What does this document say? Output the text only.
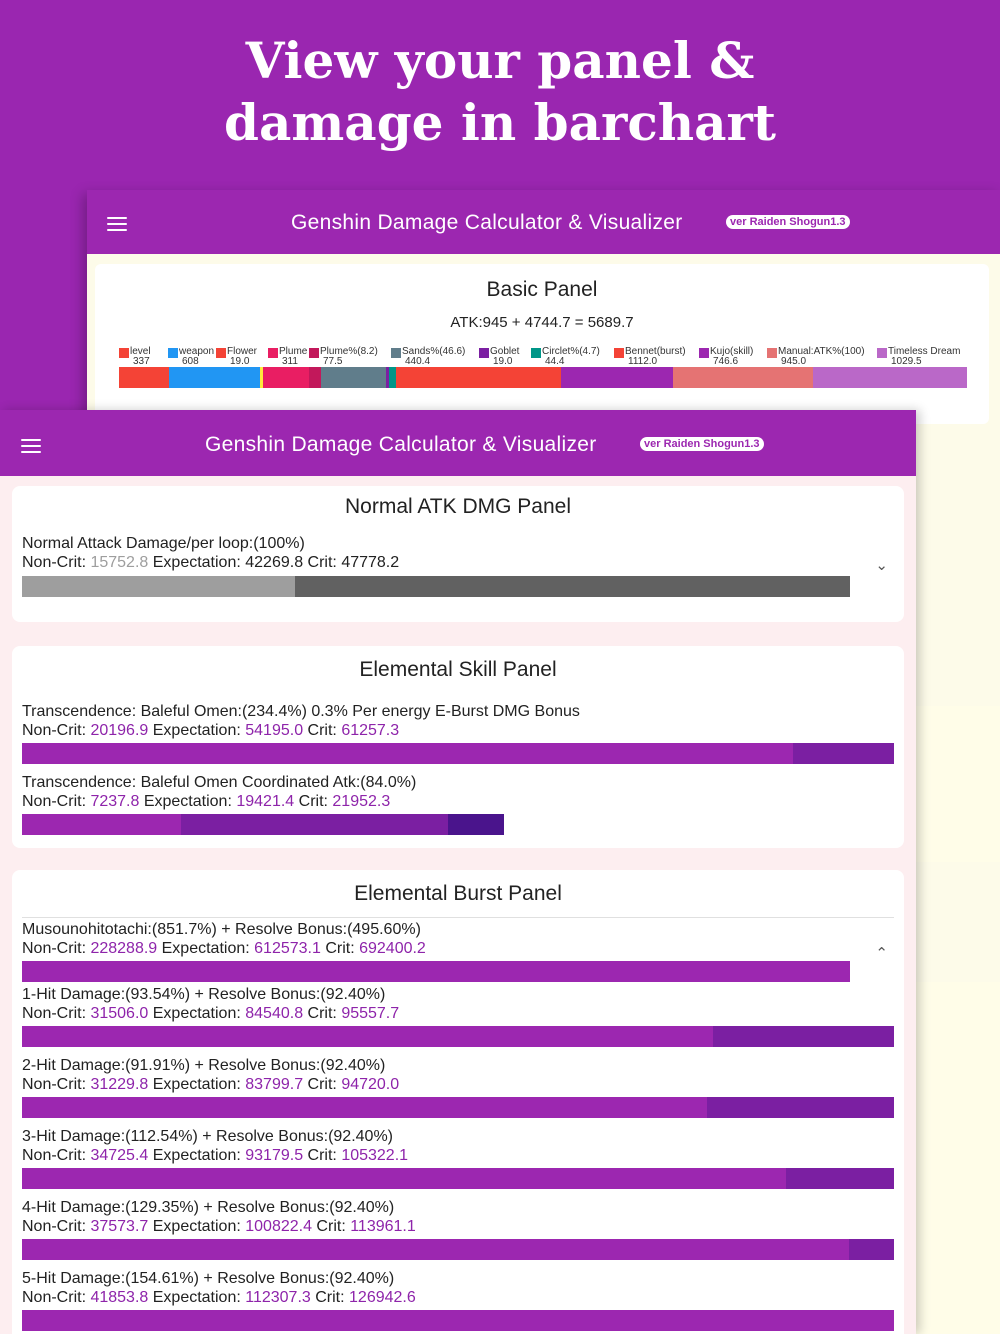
View your panel &
damage in barchart
Genshin Damage Calculator & Visualizer	ver Raiden Shogun1.3
Basic Panel
ATK:945 + 4744.7 = 5689.7
level
337
weapon
608
Flower
19.0
Plume
311
Plume%(8.2)
77.5
Sands%(46.6)
440.4
Goblet
19.0
Circlet%(4.7)
44.4
Bennet(burst)
1112.0
Kujo(skill)
746.6
Manual:ATK%(100)
945.0
Timeless Dream
1029.5
Genshin Damage Calculator & Visualizer	ver Raiden Shogun1.3
Normal ATK DMG Panel
Normal Attack Damage/per loop:(100%)
Non-Crit: 15752.8 Expectation: 42269.8 Crit: 47778.2	⌄
Elemental Skill Panel
Transcendence: Baleful Omen:(234.4%) 0.3% Per energy E-Burst DMG Bonus
Non-Crit: 20196.9 Expectation: 54195.0 Crit: 61257.3
Transcendence: Baleful Omen Coordinated Atk:(84.0%)
Non-Crit: 7237.8 Expectation: 19421.4 Crit: 21952.3
Elemental Burst Panel
⌃
Musounohitotachi:(851.7%) + Resolve Bonus:(495.60%)
Non-Crit: 228288.9 Expectation: 612573.1 Crit: 692400.2
1-Hit Damage:(93.54%) + Resolve Bonus:(92.40%)
Non-Crit: 31506.0 Expectation: 84540.8 Crit: 95557.7
2-Hit Damage:(91.91%) + Resolve Bonus:(92.40%)
Non-Crit: 31229.8 Expectation: 83799.7 Crit: 94720.0
3-Hit Damage:(112.54%) + Resolve Bonus:(92.40%)
Non-Crit: 34725.4 Expectation: 93179.5 Crit: 105322.1
4-Hit Damage:(129.35%) + Resolve Bonus:(92.40%)
Non-Crit: 37573.7 Expectation: 100822.4 Crit: 113961.1
5-Hit Damage:(154.61%) + Resolve Bonus:(92.40%)
Non-Crit: 41853.8 Expectation: 112307.3 Crit: 126942.6
